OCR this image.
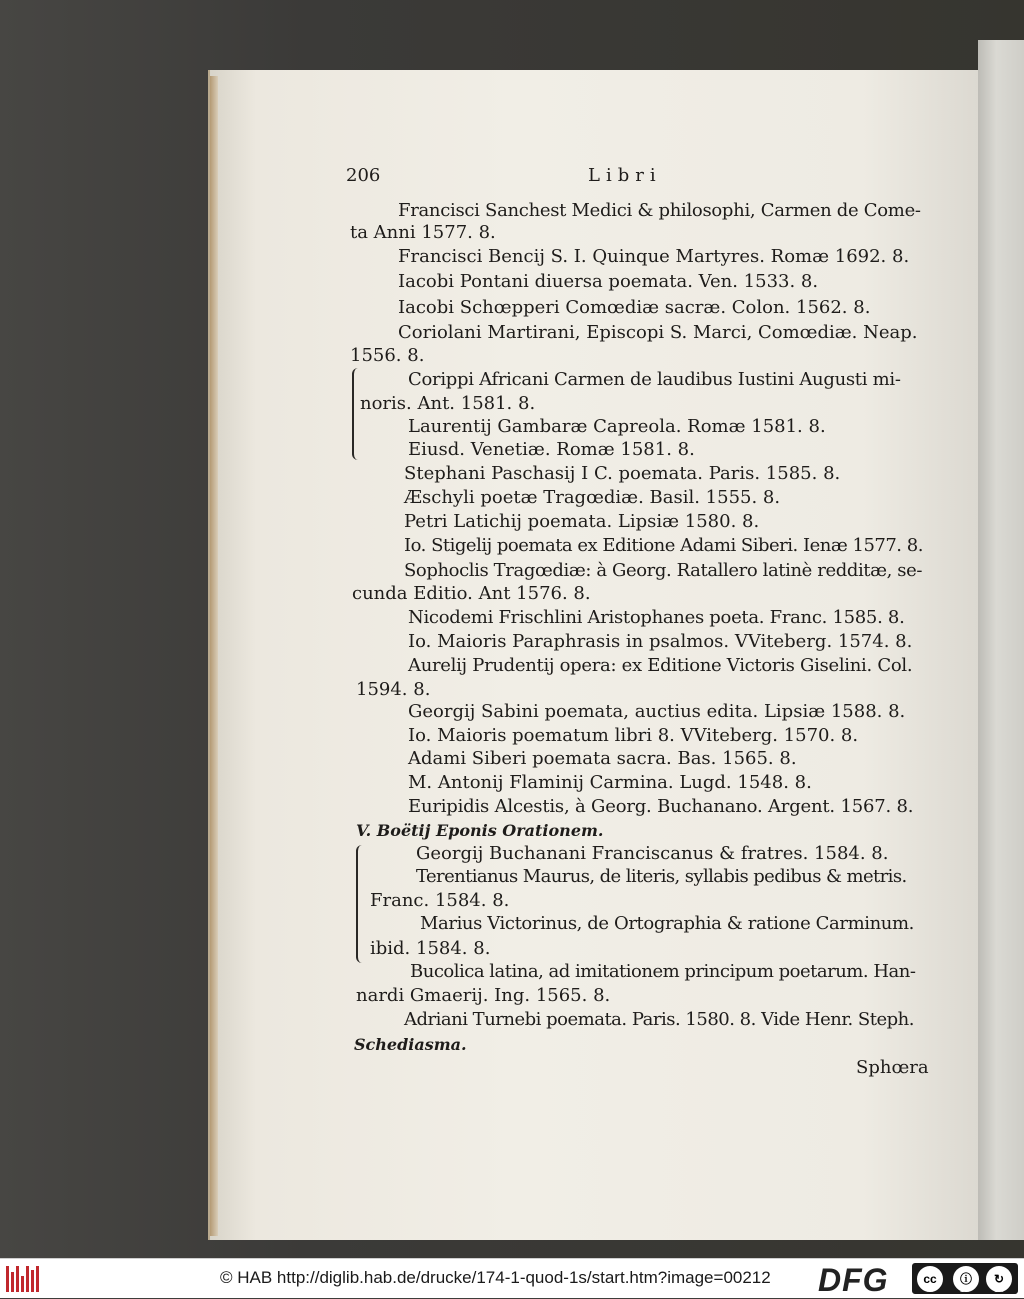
206	Libri
Francisci Sanchest Medici & philosophi, Carmen de Come-
ta Anni 1577. 8.
Francisci Bencij S. I. Quinque Martyres. Romæ 1692. 8.
Iacobi Pontani diuersa poemata. Ven. 1533. 8.
Iacobi Schœpperi Comœdiæ sacræ. Colon. 1562. 8.
Coriolani Martirani, Episcopi S. Marci, Comœdiæ. Neap.
1556. 8.
Corippi Africani Carmen de laudibus Iustini Augusti mi-
noris. Ant. 1581. 8.
Laurentij Gambaræ Capreola. Romæ 1581. 8.
Eiusd. Venetiæ. Romæ 1581. 8.
Stephani Paschasij I C. poemata. Paris. 1585. 8.
Æschyli poetæ Tragœdiæ. Basil. 1555. 8.
Petri Latichij poemata. Lipsiæ 1580. 8.
Io. Stigelij poemata ex Editione Adami Siberi. Ienæ 1577. 8.
Sophoclis Tragœdiæ: à Georg. Ratallero latinè redditæ, se-
cunda Editio. Ant 1576. 8.
Nicodemi Frischlini Aristophanes poeta. Franc. 1585. 8.
Io. Maioris Paraphrasis in psalmos. VViteberg. 1574. 8.
Aurelij Prudentij opera: ex Editione Victoris Giselini. Col.
1594. 8.
Georgij Sabini poemata, auctius edita. Lipsiæ 1588. 8.
Io. Maioris poematum libri 8. VViteberg. 1570. 8.
Adami Siberi poemata sacra. Bas. 1565. 8.
M. Antonij Flaminij Carmina. Lugd. 1548. 8.
Euripidis Alcestis, à Georg. Buchanano. Argent. 1567. 8.
V. Boëtij Eponis Orationem.
Georgij Buchanani Franciscanus & fratres. 1584. 8.
Terentianus Maurus, de literis, syllabis pedibus & metris.
Franc. 1584. 8.
Marius Victorinus, de Ortographia & ratione Carminum.
ibid. 1584. 8.
Bucolica latina, ad imitationem principum poetarum. Han-
nardi Gmaerij. Ing. 1565. 8.
Adriani Turnebi poemata. Paris. 1580. 8. Vide Henr. Steph.
Schediasma.
Sphœra
© HAB http://diglib.hab.de/drucke/174-1-quod-1s/start.htm?image=00212 DFG	cc	ⓘ	↻
BY	SA
